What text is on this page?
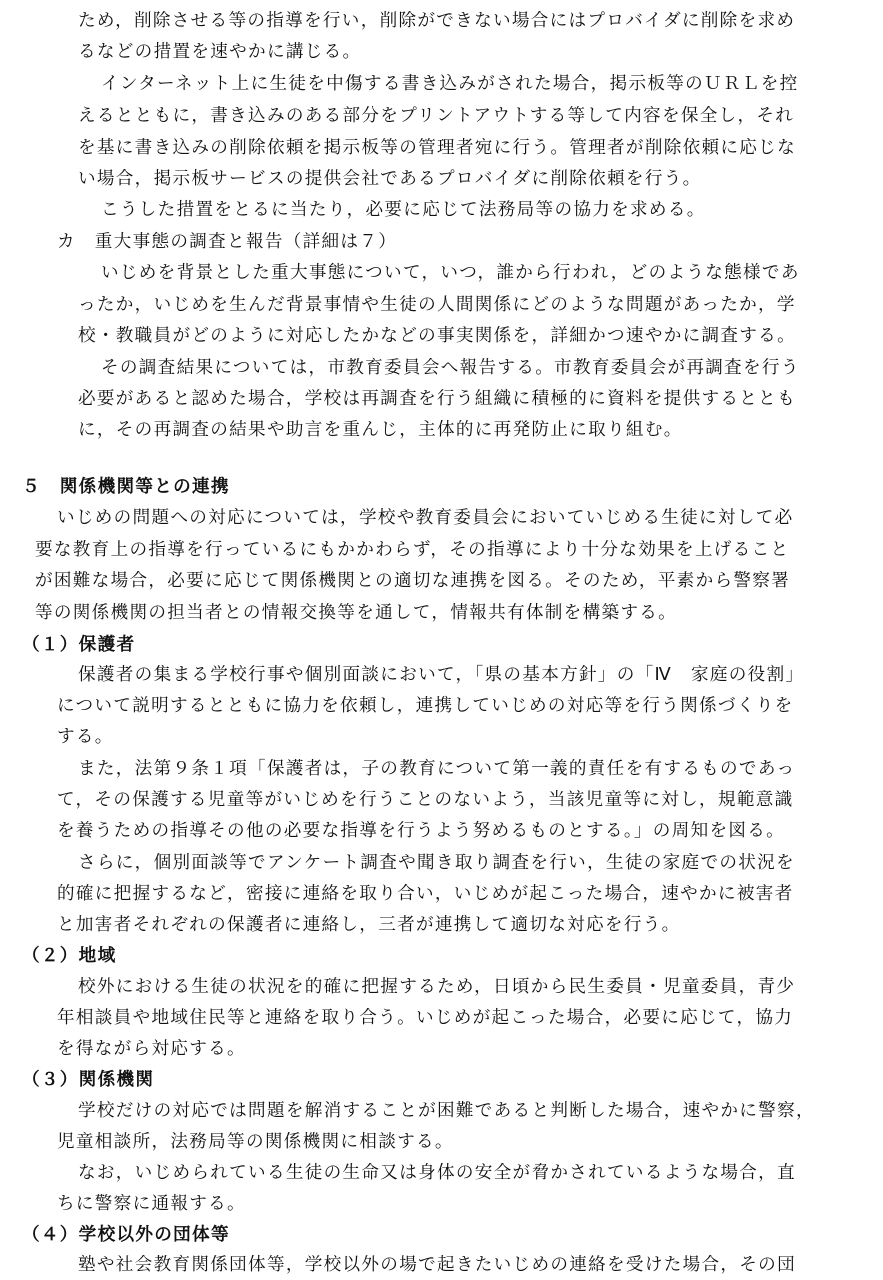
ため，削除させる等の指導を行い，削除ができない場合にはプロバイダに削除を求め
るなどの措置を速やかに講じる。
インターネット上に生徒を中傷する書き込みがされた場合，掲示板等のＵＲＬを控
えるとともに，書き込みのある部分をプリントアウトする等して内容を保全し，それ
を基に書き込みの削除依頼を掲示板等の管理者宛に行う。管理者が削除依頼に応じな
い場合，掲示板サービスの提供会社であるプロバイダに削除依頼を行う。
こうした措置をとるに当たり，必要に応じて法務局等の協力を求める。
カ　重大事態の調査と報告（詳細は７）
いじめを背景とした重大事態について，いつ，誰から行われ，どのような態様であ
ったか，いじめを生んだ背景事情や生徒の人間関係にどのような問題があったか，学
校・教職員がどのように対応したかなどの事実関係を，詳細かつ速やかに調査する。
その調査結果については，市教育委員会へ報告する。市教育委員会が再調査を行う
必要があると認めた場合，学校は再調査を行う組織に積極的に資料を提供するととも
に，その再調査の結果や助言を重んじ，主体的に再発防止に取り組む。
５　関係機関等との連携
いじめの問題への対応については，学校や教育委員会においていじめる生徒に対して必
要な教育上の指導を行っているにもかかわらず，その指導により十分な効果を上げること
が困難な場合，必要に応じて関係機関との適切な連携を図る。そのため，平素から警察署
等の関係機関の担当者との情報交換等を通して，情報共有体制を構築する。
（１）保護者
保護者の集まる学校行事や個別面談において，「県の基本方針」の「Ⅳ　家庭の役割」
について説明するとともに協力を依頼し，連携していじめの対応等を行う関係づくりを
する。
また，法第９条１項「保護者は，子の教育について第一義的責任を有するものであっ
て，その保護する児童等がいじめを行うことのないよう，当該児童等に対し，規範意識
を養うための指導その他の必要な指導を行うよう努めるものとする。」の周知を図る。
さらに，個別面談等でアンケート調査や聞き取り調査を行い，生徒の家庭での状況を
的確に把握するなど，密接に連絡を取り合い，いじめが起こった場合，速やかに被害者
と加害者それぞれの保護者に連絡し，三者が連携して適切な対応を行う。
（２）地域
校外における生徒の状況を的確に把握するため，日頃から民生委員・児童委員，青少
年相談員や地域住民等と連絡を取り合う。いじめが起こった場合，必要に応じて，協力
を得ながら対応する。
（３）関係機関
学校だけの対応では問題を解消することが困難であると判断した場合，速やかに警察，
児童相談所，法務局等の関係機関に相談する。
なお，いじめられている生徒の生命又は身体の安全が脅かされているような場合，直
ちに警察に通報する。
（４）学校以外の団体等
塾や社会教育関係団体等，学校以外の場で起きたいじめの連絡を受けた場合，その団
